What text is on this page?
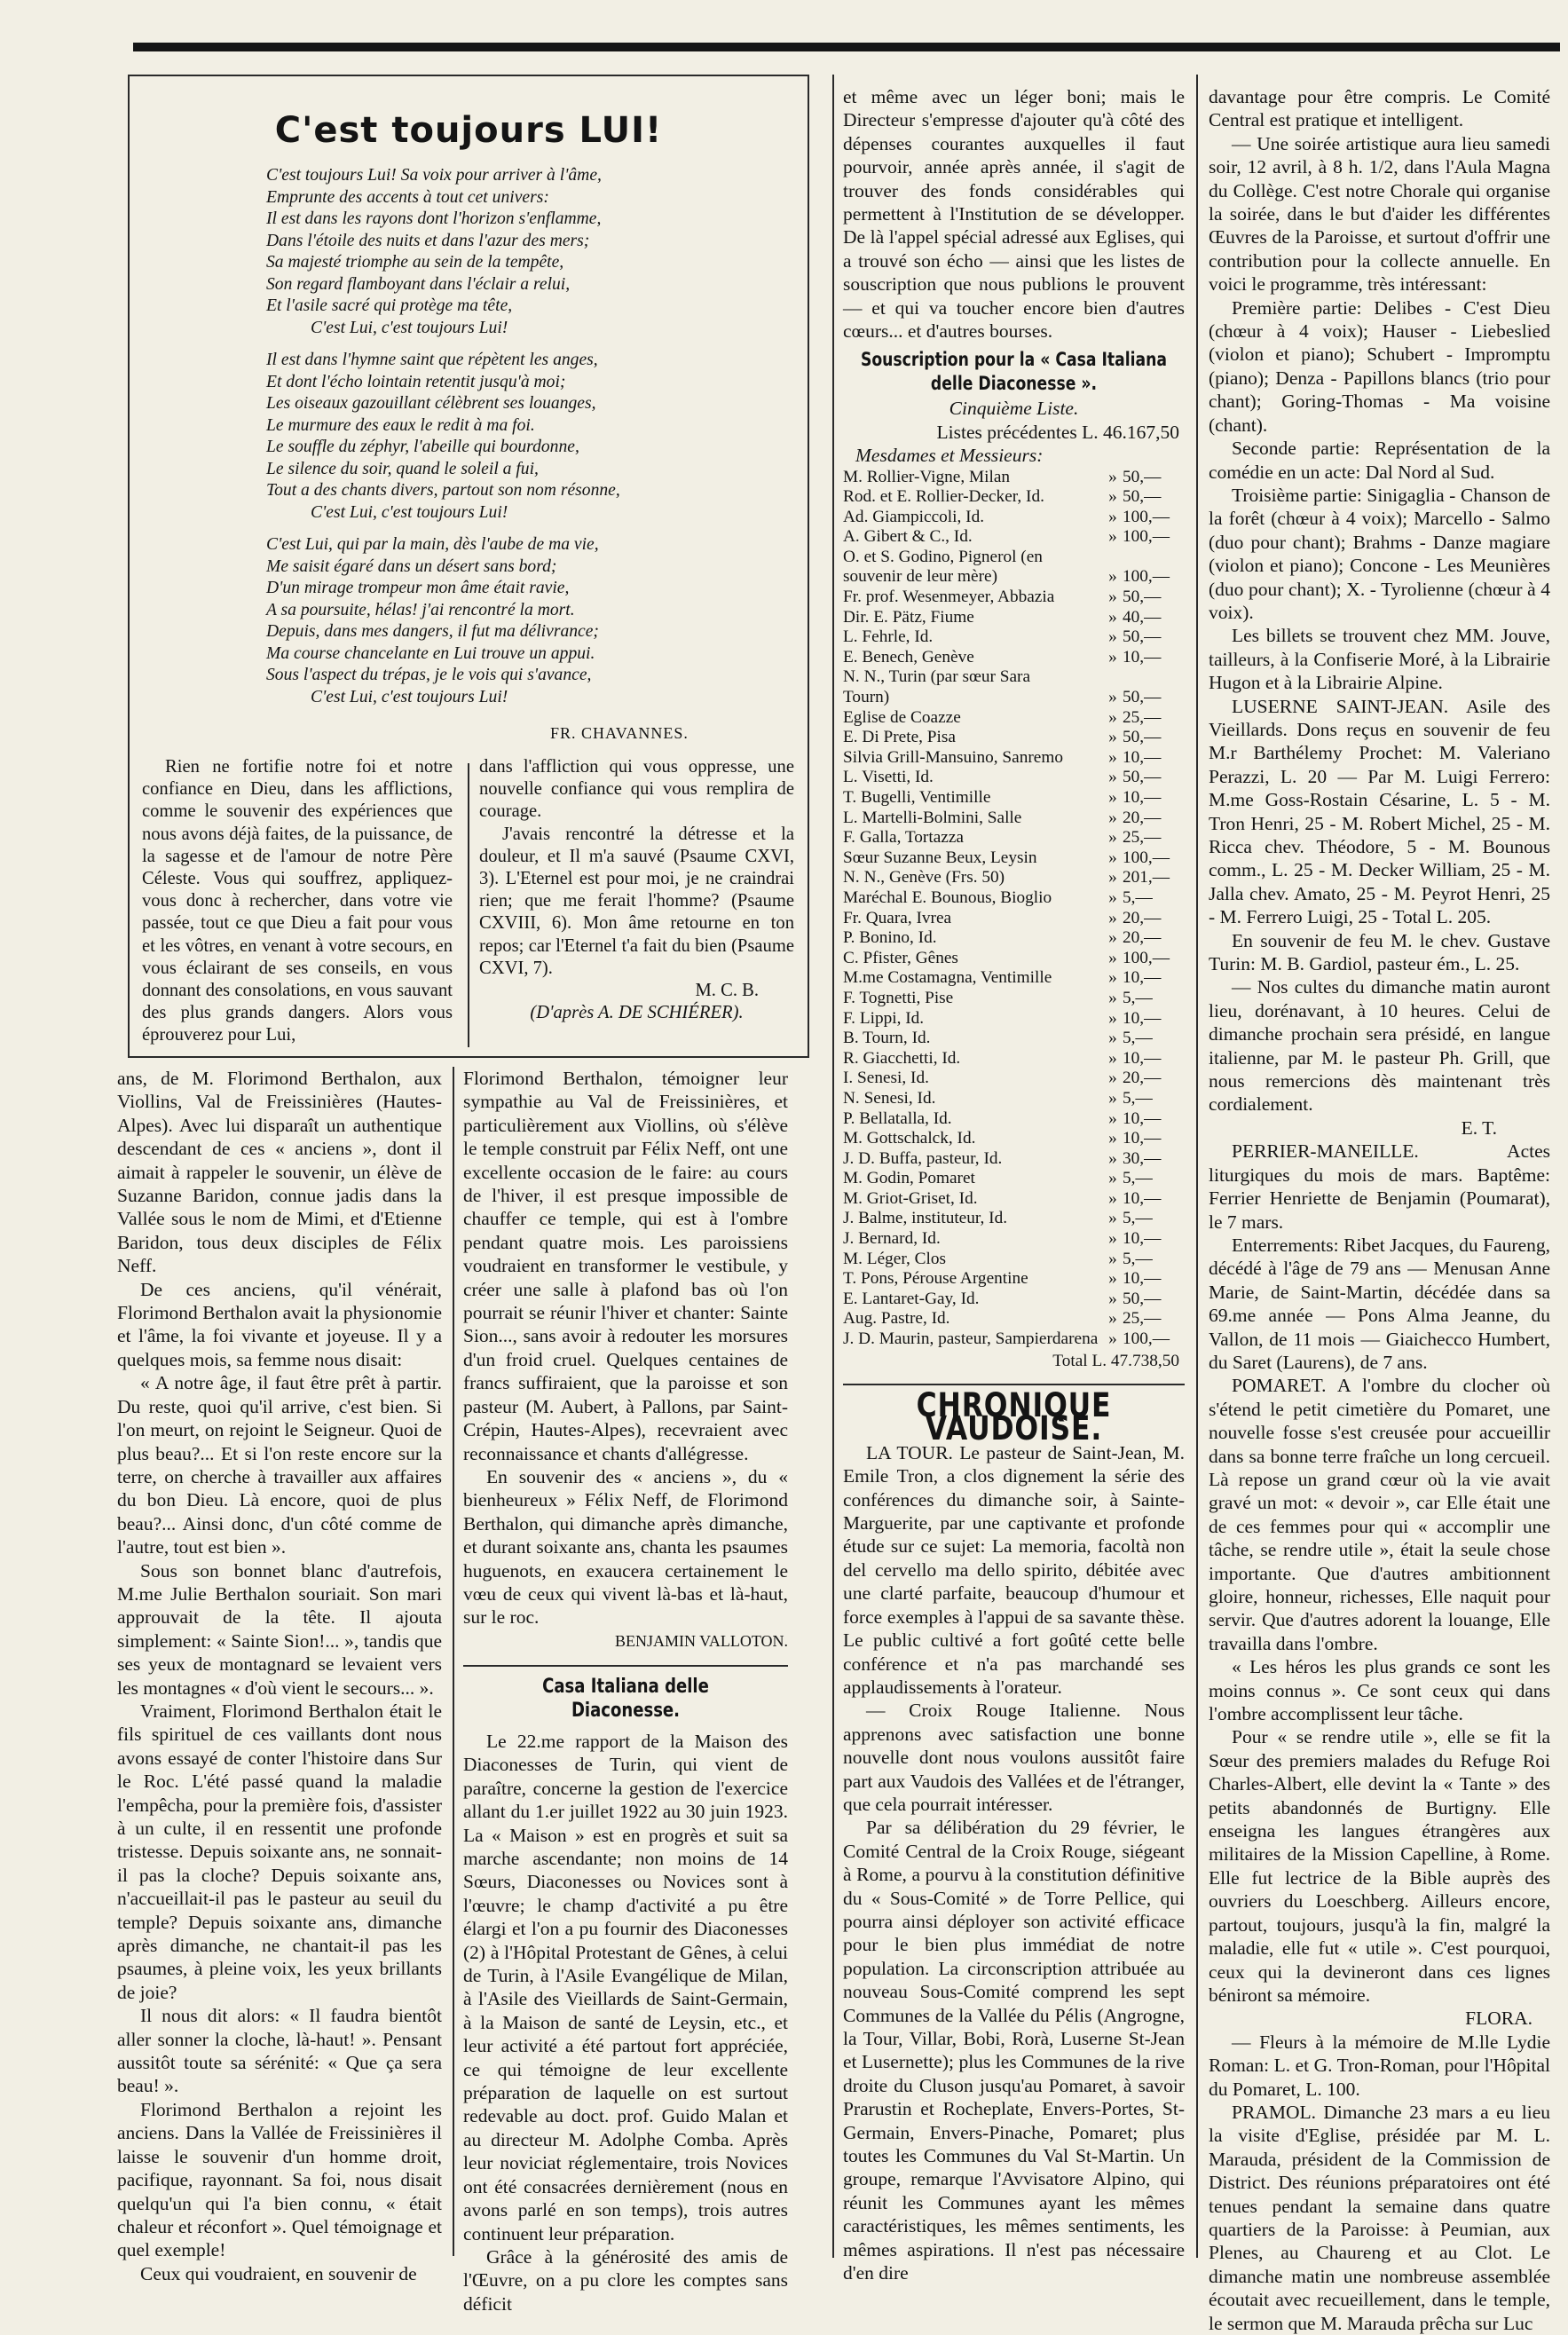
C'est toujours LUI!
C'est toujours Lui! Sa voix pour arriver à l'âme,
Emprunte des accents à tout cet univers:
Il est dans les rayons dont l'horizon s'enflamme,
Dans l'étoile des nuits et dans l'azur des mers;
Sa majesté triomphe au sein de la tempête,
Son regard flamboyant dans l'éclair a relui,
Et l'asile sacré qui protège ma tête,
C'est Lui, c'est toujours Lui!
Il est dans l'hymne saint que répètent les anges,
Et dont l'écho lointain retentit jusqu'à moi;
Les oiseaux gazouillant célèbrent ses louanges,
Le murmure des eaux le redit à ma foi.
Le souffle du zéphyr, l'abeille qui bourdonne,
Le silence du soir, quand le soleil a fui,
Tout a des chants divers, partout son nom résonne,
C'est Lui, c'est toujours Lui!
C'est Lui, qui par la main, dès l'aube de ma vie,
Me saisit égaré dans un désert sans bord;
D'un mirage trompeur mon âme était ravie,
A sa poursuite, hélas! j'ai rencontré la mort.
Depuis, dans mes dangers, il fut ma délivrance;
Ma course chancelante en Lui trouve un appui.
Sous l'aspect du trépas, je le vois qui s'avance,
C'est Lui, c'est toujours Lui!
FR. CHAVANNES.

Rien ne fortifie notre foi et notre confiance en Dieu, dans les afflictions, comme le souvenir des expériences que nous avons déjà faites, de la puissance, de la sagesse et de l'amour de notre Père Céleste. Vous qui souffrez, appliquez-vous donc à rechercher, dans votre vie passée, tout ce que Dieu a fait pour vous et les vôtres, en venant à votre secours, en vous éclairant de ses conseils, en vous donnant des consolations, en vous sauvant des plus grands dangers. Alors vous éprouverez pour Lui,

dans l'affliction qui vous oppresse, une nouvelle confiance qui vous remplira de courage.

J'avais rencontré la détresse et la douleur, et Il m'a sauvé (Psaume CXVI, 3). L'Eternel est pour moi, je ne craindrai rien; que me ferait l'homme? (Psaume CXVIII, 6). Mon âme retourne en ton repos; car l'Eternel t'a fait du bien (Psaume CXVI, 7).

M. C. B.
(D'après A. DE SCHIÉRER).

ans, de M. Florimond Berthalon, aux Viollins, Val de Freissinières (Hautes-Alpes). Avec lui disparaît un authentique descendant de ces « anciens », dont il aimait à rappeler le souvenir, un élève de Suzanne Baridon, connue jadis dans la Vallée sous le nom de Mimi, et d'Etienne Baridon, tous deux disciples de Félix Neff.

De ces anciens, qu'il vénérait, Florimond Berthalon avait la physionomie et l'âme, la foi vivante et joyeuse. Il y a quelques mois, sa femme nous disait:

« A notre âge, il faut être prêt à partir. Du reste, quoi qu'il arrive, c'est bien. Si l'on meurt, on rejoint le Seigneur. Quoi de plus beau?... Et si l'on reste encore sur la terre, on cherche à travailler aux affaires du bon Dieu. Là encore, quoi de plus beau?... Ainsi donc, d'un côté comme de l'autre, tout est bien ».

Sous son bonnet blanc d'autrefois, M.me Julie Berthalon souriait. Son mari approuvait de la tête. Il ajouta simplement: « Sainte Sion!... », tandis que ses yeux de montagnard se levaient vers les montagnes « d'où vient le secours... ».

Vraiment, Florimond Berthalon était le fils spirituel de ces vaillants dont nous avons essayé de conter l'histoire dans Sur le Roc. L'été passé quand la maladie l'empêcha, pour la première fois, d'assister à un culte, il en ressentit une profonde tristesse. Depuis soixante ans, ne sonnait-il pas la cloche? Depuis soixante ans, n'accueillait-il pas le pasteur au seuil du temple? Depuis soixante ans, dimanche après dimanche, ne chantait-il pas les psaumes, à pleine voix, les yeux brillants de joie?

Il nous dit alors: « Il faudra bientôt aller sonner la cloche, là-haut! ». Pensant aussitôt toute sa sérénité: « Que ça sera beau! ».

Florimond Berthalon a rejoint les anciens. Dans la Vallée de Freissinières il laisse le souvenir d'un homme droit, pacifique, rayonnant. Sa foi, nous disait quelqu'un qui l'a bien connu, « était chaleur et réconfort ». Quel témoignage et quel exemple!

Ceux qui voudraient, en souvenir de

Florimond Berthalon, témoigner leur sympathie au Val de Freissinières, et particulièrement aux Viollins, où s'élève le temple construit par Félix Neff, ont une excellente occasion de le faire: au cours de l'hiver, il est presque impossible de chauffer ce temple, qui est à l'ombre pendant quatre mois. Les paroissiens voudraient en transformer le vestibule, y créer une salle à plafond bas où l'on pourrait se réunir l'hiver et chanter: Sainte Sion..., sans avoir à redouter les morsures d'un froid cruel. Quelques centaines de francs suffiraient, que la paroisse et son pasteur (M. Aubert, à Pallons, par Saint-Crépin, Hautes-Alpes), recevraient avec reconnaissance et chants d'allégresse.

En souvenir des « anciens », du « bienheureux » Félix Neff, de Florimond Berthalon, qui dimanche après dimanche, et durant soixante ans, chanta les psaumes huguenots, en exaucera certainement le vœu de ceux qui vivent là-bas et là-haut, sur le roc.

BENJAMIN VALLOTON.
Casa Italiana delle Diaconesse.

Le 22.me rapport de la Maison des Diaconesses de Turin, qui vient de paraître, concerne la gestion de l'exercice allant du 1.er juillet 1922 au 30 juin 1923. La « Maison » est en progrès et suit sa marche ascendante; non moins de 14 Sœurs, Diaconesses ou Novices sont à l'œuvre; le champ d'activité a pu être élargi et l'on a pu fournir des Diaconesses (2) à l'Hôpital Protestant de Gênes, à celui de Turin, à l'Asile Evangélique de Milan, à l'Asile des Vieillards de Saint-Germain, à la Maison de santé de Leysin, etc., et leur activité a été partout fort appréciée, ce qui témoigne de leur excellente préparation de laquelle on est surtout redevable au doct. prof. Guido Malan et au directeur M. Adolphe Comba. Après leur noviciat réglementaire, trois Novices ont été consacrées dernièrement (nous en avons parlé en son temps), trois autres continuent leur préparation.

Grâce à la générosité des amis de l'Œuvre, on a pu clore les comptes sans déficit

et même avec un léger boni; mais le Directeur s'empresse d'ajouter qu'à côté des dépenses courantes auxquelles il faut pourvoir, année après année, il s'agit de trouver des fonds considérables qui permettent à l'Institution de se développer. De là l'appel spécial adressé aux Eglises, qui a trouvé son écho — ainsi que les listes de souscription que nous publions le prouvent — et qui va toucher encore bien d'autres cœurs... et d'autres bourses.

Souscription pour la « Casa Italiana delle Diaconesse ».
Cinquième Liste.
Listes précédentes L. 46.167,50
Mesdames et Messieurs:
M. Rollier-Vigne, Milan	»	50,—
Rod. et E. Rollier-Decker, Id.	»	50,—
Ad. Giampiccoli, Id.	»	100,—
A. Gibert & C., Id.	»	100,—
O. et S. Godino, Pignerol (en		
souvenir de leur mère)	»	100,—
Fr. prof. Wesenmeyer, Abbazia	»	50,—
Dir. E. Pätz, Fiume	»	40,—
L. Fehrle, Id.	»	50,—
E. Benech, Genève	»	10,—
N. N., Turin (par sœur Sara		
Tourn)	»	50,—
Eglise de Coazze	»	25,—
E. Di Prete, Pisa	»	50,—
Silvia Grill-Mansuino, Sanremo	»	10,—
L. Visetti, Id.	»	50,—
T. Bugelli, Ventimille	»	10,—
L. Martelli-Bolmini, Salle	»	20,—
F. Galla, Tortazza	»	25,—
Sœur Suzanne Beux, Leysin	»	100,—
N. N., Genève (Frs. 50)	»	201,—
Maréchal E. Bounous, Bioglio	»	5,—
Fr. Quara, Ivrea	»	20,—
P. Bonino, Id.	»	20,—
C. Pfister, Gênes	»	100,—
M.me Costamagna, Ventimille	»	10,—
F. Tognetti, Pise	»	5,—
F. Lippi, Id.	»	10,—
B. Tourn, Id.	»	5,—
R. Giacchetti, Id.	»	10,—
I. Senesi, Id.	»	20,—
N. Senesi, Id.	»	5,—
P. Bellatalla, Id.	»	10,—
M. Gottschalck, Id.	»	10,—
J. D. Buffa, pasteur, Id.	»	30,—
M. Godin, Pomaret	»	5,—
M. Griot-Griset, Id.	»	10,—
J. Balme, instituteur, Id.	»	5,—
J. Bernard, Id.	»	10,—
M. Léger, Clos	»	5,—
T. Pons, Pérouse Argentine	»	10,—
E. Lantaret-Gay, Id.	»	50,—
Aug. Pastre, Id.	»	25,—
J. D. Maurin, pasteur, Sampierdarena	»	100,—
Total L. 47.738,50
CHRONIQUE VAUDOISE.

LA TOUR. Le pasteur de Saint-Jean, M. Emile Tron, a clos dignement la série des conférences du dimanche soir, à Sainte-Marguerite, par une captivante et profonde étude sur ce sujet: La memoria, facoltà non del cervello ma dello spirito, débitée avec une clarté parfaite, beaucoup d'humour et force exemples à l'appui de sa savante thèse. Le public cultivé a fort goûté cette belle conférence et n'a pas marchandé ses applaudissements à l'orateur.

— Croix Rouge Italienne. Nous apprenons avec satisfaction une bonne nouvelle dont nous voulons aussitôt faire part aux Vaudois des Vallées et de l'étranger, que cela pourrait intéresser.

Par sa délibération du 29 février, le Comité Central de la Croix Rouge, siégeant à Rome, a pourvu à la constitution définitive du « Sous-Comité » de Torre Pellice, qui pourra ainsi déployer son activité efficace pour le bien plus immédiat de notre population. La circonscription attribuée au nouveau Sous-Comité comprend les sept Communes de la Vallée du Pélis (Angrogne, la Tour, Villar, Bobi, Rorà, Luserne St-Jean et Lusernette); plus les Communes de la rive droite du Cluson jusqu'au Pomaret, à savoir Prarustin et Rocheplate, Envers-Portes, St-Germain, Envers-Pinache, Pomaret; plus toutes les Communes du Val St-Martin. Un groupe, remarque l'Avvisatore Alpino, qui réunit les Communes ayant les mêmes caractéristiques, les mêmes sentiments, les mêmes aspirations. Il n'est pas nécessaire d'en dire

davantage pour être compris. Le Comité Central est pratique et intelligent.

— Une soirée artistique aura lieu samedi soir, 12 avril, à 8 h. 1/2, dans l'Aula Magna du Collège. C'est notre Chorale qui organise la soirée, dans le but d'aider les différentes Œuvres de la Paroisse, et surtout d'offrir une contribution pour la collecte annuelle. En voici le programme, très intéressant:

Première partie: Delibes - C'est Dieu (chœur à 4 voix); Hauser - Liebeslied (violon et piano); Schubert - Impromptu (piano); Denza - Papillons blancs (trio pour chant); Goring-Thomas - Ma voisine (chant).

Seconde partie: Représentation de la comédie en un acte: Dal Nord al Sud.

Troisième partie: Sinigaglia - Chanson de la forêt (chœur à 4 voix); Marcello - Salmo (duo pour chant); Brahms - Danze magiare (violon et piano); Concone - Les Meunières (duo pour chant); X. - Tyrolienne (chœur à 4 voix).

Les billets se trouvent chez MM. Jouve, tailleurs, à la Confiserie Moré, à la Librairie Hugon et à la Librairie Alpine.

LUSERNE SAINT-JEAN. Asile des Vieillards. Dons reçus en souvenir de feu M.r Barthélemy Prochet: M. Valeriano Perazzi, L. 20 — Par M. Luigi Ferrero: M.me Goss-Rostain Césarine, L. 5 - M. Tron Henri, 25 - M. Robert Michel, 25 - M. Ricca chev. Théodore, 5 - M. Bounous comm., L. 25 - M. Decker William, 25 - M. Jalla chev. Amato, 25 - M. Peyrot Henri, 25 - M. Ferrero Luigi, 25 - Total L. 205.

En souvenir de feu M. le chev. Gustave Turin: M. B. Gardiol, pasteur ém., L. 25.

— Nos cultes du dimanche matin auront lieu, dorénavant, à 10 heures. Celui de dimanche prochain sera présidé, en langue italienne, par M. le pasteur Ph. Grill, que nous remercions dès maintenant très cordialement.

E. T.

PERRIER-MANEILLE. Actes liturgiques du mois de mars. Baptême: Ferrier Henriette de Benjamin (Poumarat), le 7 mars.

Enterrements: Ribet Jacques, du Faureng, décédé à l'âge de 79 ans — Menusan Anne Marie, de Saint-Martin, décédée dans sa 69.me année — Pons Alma Jeanne, du Vallon, de 11 mois — Giaichecco Humbert, du Saret (Laurens), de 7 ans.

POMARET. A l'ombre du clocher où s'étend le petit cimetière du Pomaret, une nouvelle fosse s'est creusée pour accueillir dans sa bonne terre fraîche un long cercueil. Là repose un grand cœur où la vie avait gravé un mot: « devoir », car Elle était une de ces femmes pour qui « accomplir une tâche, se rendre utile », était la seule chose importante. Que d'autres ambitionnent gloire, honneur, richesses, Elle naquit pour servir. Que d'autres adorent la louange, Elle travailla dans l'ombre.

« Les héros les plus grands ce sont les moins connus ». Ce sont ceux qui dans l'ombre accomplissent leur tâche.

Pour « se rendre utile », elle se fit la Sœur des premiers malades du Refuge Roi Charles-Albert, elle devint la « Tante » des petits abandonnés de Burtigny. Elle enseigna les langues étrangères aux militaires de la Mission Capelline, à Rome. Elle fut lectrice de la Bible auprès des ouvriers du Loeschberg. Ailleurs encore, partout, toujours, jusqu'à la fin, malgré la maladie, elle fut « utile ». C'est pourquoi, ceux qui la devineront dans ces lignes béniront sa mémoire.

FLORA.

— Fleurs à la mémoire de M.lle Lydie Roman: L. et G. Tron-Roman, pour l'Hôpital du Pomaret, L. 100.

PRAMOL. Dimanche 23 mars a eu lieu la visite d'Eglise, présidée par M. L. Marauda, président de la Commission de District. Des réunions préparatoires ont été tenues pendant la semaine dans quatre quartiers de la Paroisse: à Peumian, aux Plenes, au Chaureng et au Clot. Le dimanche matin une nombreuse assemblée écoutait avec recueillement, dans le temple, le sermon que M. Marauda prêcha sur Luc
